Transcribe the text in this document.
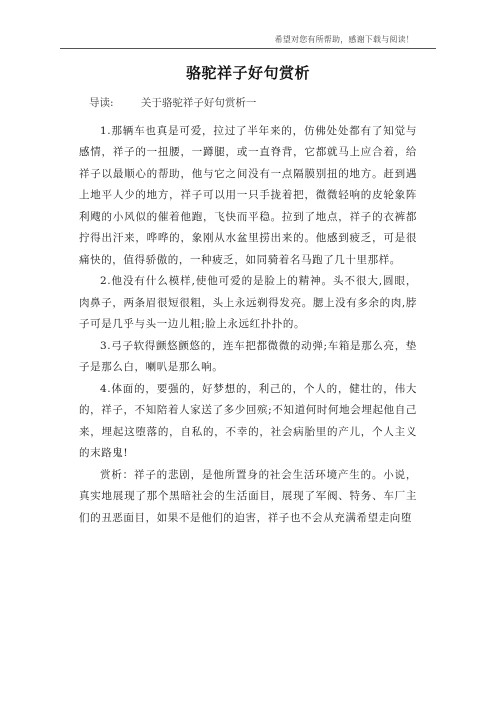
希望对您有所帮助，感谢下载与阅读！
骆驼祥子好句赏析

导读:	关于骆驼祥子好句赏析一

1.那辆车也真是可爱，拉过了半年来的，仿佛处处都有了知觉与感情，祥子的一扭腰，一蹲腿，或一直脊背，它都就马上应合着，给祥子以最顺心的帮助，他与它之间没有一点隔膜别扭的地方。赶到遇上地平人少的地方，祥子可以用一只手拢着把，微微轻响的皮轮象阵利飕的小风似的催着他跑，飞快而平稳。拉到了地点，祥子的衣裤都拧得出汗来，哗哗的，象刚从水盆里捞出来的。他感到疲乏，可是很痛快的，值得骄傲的，一种疲乏，如同骑着名马跑了几十里那样。

2.他没有什么模样,使他可爱的是脸上的精神。头不很大,圆眼，肉鼻子，两条眉很短很粗，头上永远剃得发亮。腮上没有多余的肉,脖子可是几乎与头一边儿粗;脸上永远红扑扑的。

3.弓子软得颤悠颤悠的，连车把都微微的动弹;车箱是那么亮，垫子是那么白，喇叭是那么响。

4.体面的，要强的，好梦想的，利己的，个人的，健壮的，伟大的，祥子，不知陪着人家送了多少回殡;不知道何时何地会埋起他自己来，埋起这堕落的，自私的，不幸的，社会病胎里的产儿，个人主义的末路鬼!

赏析：祥子的悲剧，是他所置身的社会生活环境产生的。小说，真实地展现了那个黑暗社会的生活面目，展现了军阀、特务、车厂主们的丑恶面目，如果不是他们的迫害，祥子也不会从充满希望走向堕
